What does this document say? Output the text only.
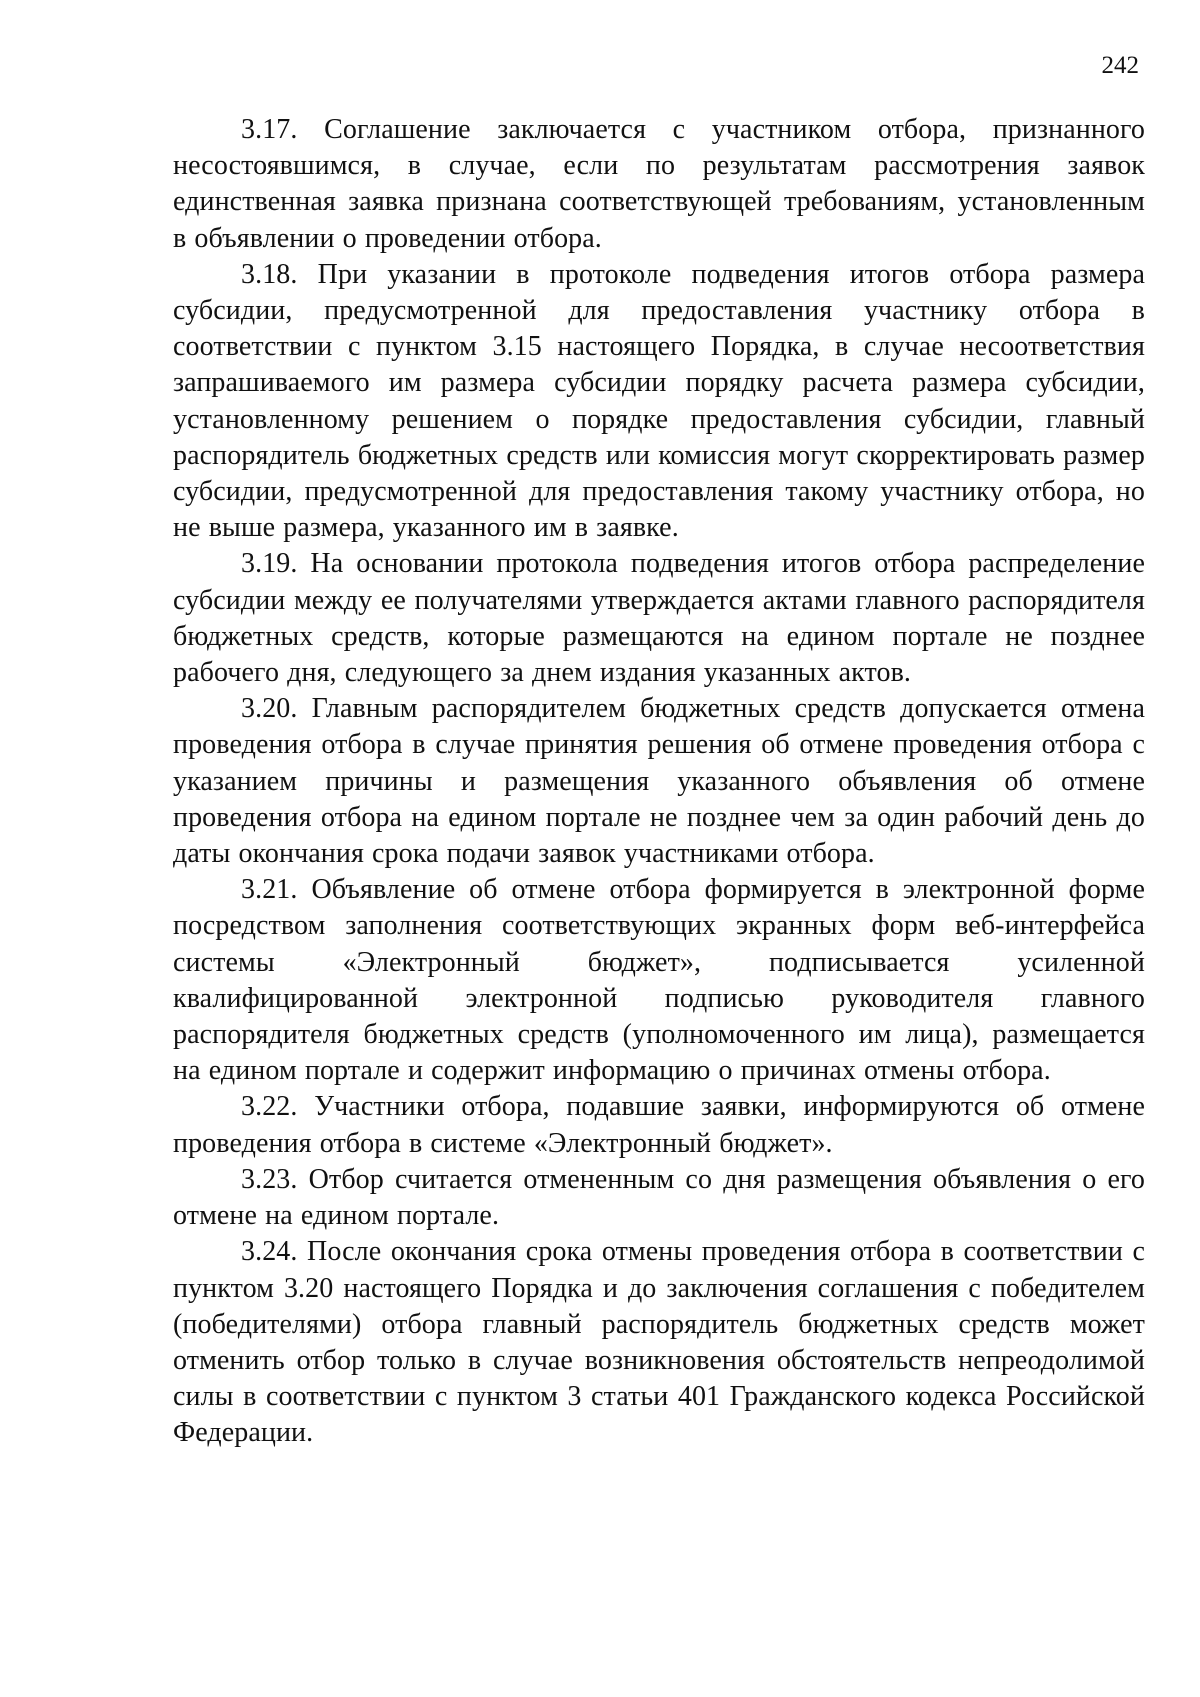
242

3.17. Соглашение заключается с участником отбора, признанного несостоявшимся, в случае, если по результатам рассмотрения заявок единственная заявка признана соответствующей требованиям, установленным в объявлении о проведении отбора.

3.18. При указании в протоколе подведения итогов отбора размера субсидии, предусмотренной для предоставления участнику отбора в соответствии с пунктом 3.15 настоящего Порядка, в случае несоответствия запрашиваемого им размера субсидии порядку расчета размера субсидии, установленному решением о порядке предоставления субсидии, главный распорядитель бюджетных средств или комиссия могут скорректировать размер субсидии, предусмотренной для предоставления такому участнику отбора, но не выше размера, указанного им в заявке.

3.19. На основании протокола подведения итогов отбора распределение субсидии между ее получателями утверждается актами главного распорядителя бюджетных средств, которые размещаются на едином портале не позднее рабочего дня, следующего за днем издания указанных актов.

3.20. Главным распорядителем бюджетных средств допускается отмена проведения отбора в случае принятия решения об отмене проведения отбора с указанием причины и размещения указанного объявления об отмене проведения отбора на едином портале не позднее чем за один рабочий день до даты окончания срока подачи заявок участниками отбора.

3.21. Объявление об отмене отбора формируется в электронной форме посредством заполнения соответствующих экранных форм веб-интерфейса системы «Электронный бюджет», подписывается усиленной квалифицированной электронной подписью руководителя главного распорядителя бюджетных средств (уполномоченного им лица), размещается на едином портале и содержит информацию о причинах отмены отбора.

3.22. Участники отбора, подавшие заявки, информируются об отмене проведения отбора в системе «Электронный бюджет».

3.23. Отбор считается отмененным со дня размещения объявления о его отмене на едином портале.

3.24. После окончания срока отмены проведения отбора в соответствии с пунктом 3.20 настоящего Порядка и до заключения соглашения с победителем (победителями) отбора главный распорядитель бюджетных средств может отменить отбор только в случае возникновения обстоятельств непреодолимой силы в соответствии с пунктом 3 статьи 401 Гражданского кодекса Российской Федерации.
